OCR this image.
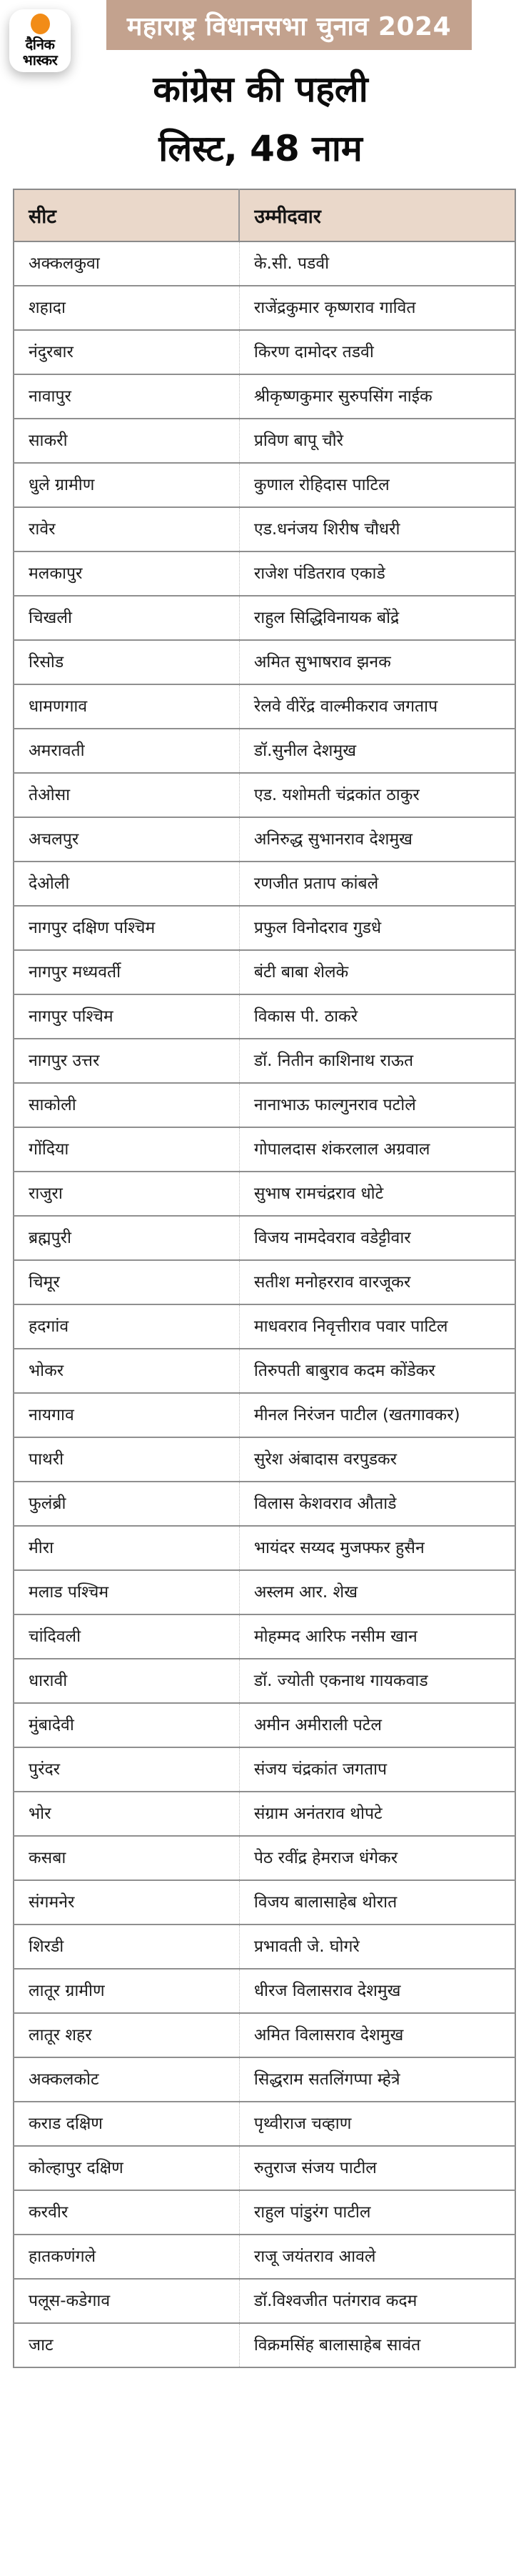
दैनिक
भास्कर
महाराष्ट्र विधानसभा चुनाव 2024
कांग्रेस की पहली
लिस्ट, 48 नाम
सीट	उम्मीदवार
अक्कलकुवा	के.सी. पडवी
शहादा	राजेंद्रकुमार कृष्णराव गावित
नंदुरबार	किरण दामोदर तडवी
नावापुर	श्रीकृष्णकुमार सुरुपसिंग नाईक
साकरी	प्रविण बापू चौरे
धुले ग्रामीण	कुणाल रोहिदास पाटिल
रावेर	एड.धनंजय शिरीष चौधरी
मलकापुर	राजेश पंडितराव एकाडे
चिखली	राहुल सिद्धिविनायक बोंद्रे
रिसोड	अमित सुभाषराव झनक
धामणगाव	रेलवे वीरेंद्र वाल्मीकराव जगताप
अमरावती	डॉ.सुनील देशमुख
तेओसा	एड. यशोमती चंद्रकांत ठाकुर
अचलपुर	अनिरुद्ध सुभानराव देशमुख
देओली	रणजीत प्रताप कांबले
नागपुर दक्षिण पश्चिम	प्रफुल विनोदराव गुडधे
नागपुर मध्यवर्ती	बंटी बाबा शेलके
नागपुर पश्चिम	विकास पी. ठाकरे
नागपुर उत्तर	डॉ. नितीन काशिनाथ राऊत
साकोली	नानाभाऊ फाल्गुनराव पटोले
गोंदिया	गोपालदास शंकरलाल अग्रवाल
राजुरा	सुभाष रामचंद्रराव धोटे
ब्रह्मपुरी	विजय नामदेवराव वडेट्टीवार
चिमूर	सतीश मनोहरराव वारजूकर
हदगांव	माधवराव निवृत्तीराव पवार पाटिल
भोकर	तिरुपती बाबुराव कदम कोंडेकर
नायगाव	मीनल निरंजन पाटील (खतगावकर)
पाथरी	सुरेश अंबादास वरपुडकर
फुलंब्री	विलास केशवराव औताडे
मीरा	भायंदर सय्यद मुजफ्फर हुसैन
मलाड पश्चिम	अस्लम आर. शेख
चांदिवली	मोहम्मद आरिफ नसीम खान
धारावी	डॉ. ज्योती एकनाथ गायकवाड
मुंबादेवी	अमीन अमीराली पटेल
पुरंदर	संजय चंद्रकांत जगताप
भोर	संग्राम अनंतराव थोपटे
कसबा	पेठ रवींद्र हेमराज धंगेकर
संगमनेर	विजय बालासाहेब थोरात
शिरडी	प्रभावती जे. घोगरे
लातूर ग्रामीण	धीरज विलासराव देशमुख
लातूर शहर	अमित विलासराव देशमुख
अक्कलकोट	सिद्धराम सतलिंगप्पा म्हेत्रे
कराड दक्षिण	पृथ्वीराज चव्हाण
कोल्हापुर दक्षिण	रुतुराज संजय पाटील
करवीर	राहुल पांडुरंग पाटील
हातकणंगले	राजू जयंतराव आवले
पलूस-कडेगाव	डॉ.विश्वजीत पतंगराव कदम
जाट	विक्रमसिंह बालासाहेब सावंत
